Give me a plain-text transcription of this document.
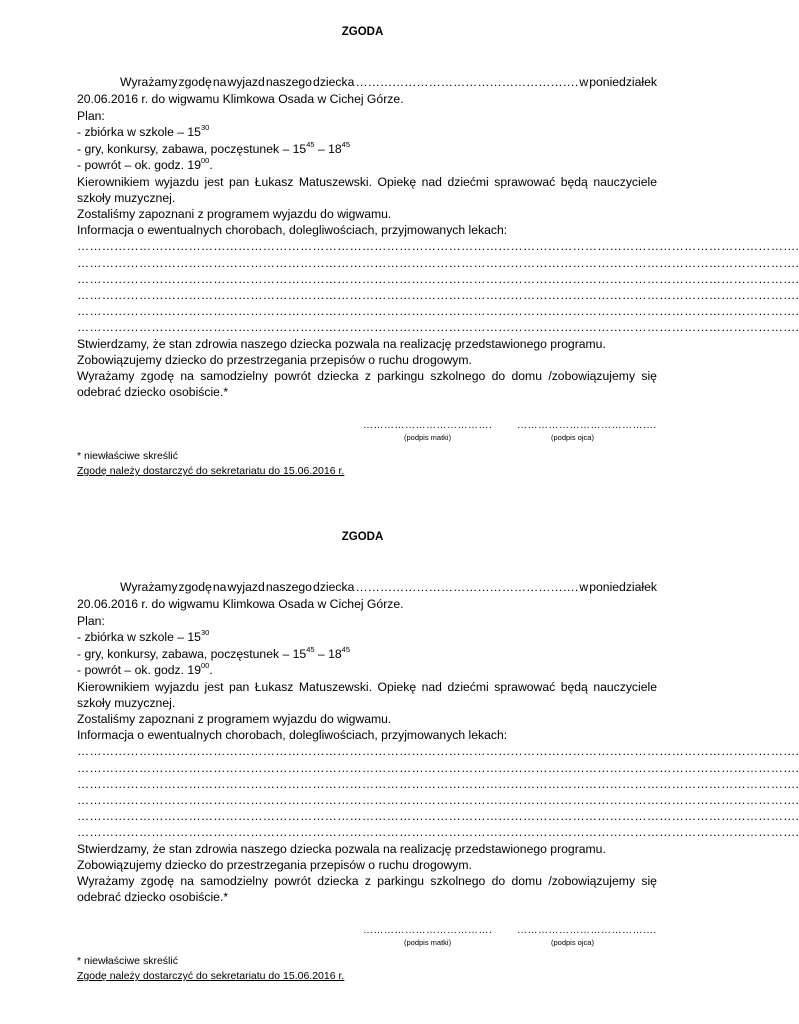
ZGODA
Wyrażamy zgodę na wyjazd naszego dziecka ………………………………………………. w poniedziałek
20.06.2016 r. do wigwamu Klimkowa Osada w Cichej Górze.
Plan:
- zbiórka w szkole – $15^{30}$
- gry, konkursy, zabawa, poczęstunek – $15^{45} - 18^{45}$
- powrót – ok. godz. $19^{00}$.
Kierownikiem wyjazdu jest pan Łukasz Matuszewski. Opiekę nad dziećmi sprawować będą nauczyciele
szkoły muzycznej.
Zostaliśmy zapoznani z programem wyjazdu do wigwamu.
Informacja o ewentualnych chorobach, dolegliwościach, przyjmowanych lekach:
………………………………………………………………………………………………………………………………………………………….
………………………………………………………………………………………………………………………………………………………….
………………………………………………………………………………………………………………………………………………………….
………………………………………………………………………………………………………………………………………………………….
………………………………………………………………………………………………………………………………………………………….
………………………………………………………………………………………………………………………………………………………….
Stwierdzamy, że stan zdrowia naszego dziecka pozwala na realizację przedstawionego programu.
Zobowiązujemy dziecko do przestrzegania przepisów o ruchu drogowym.
Wyrażamy zgodę na samodzielny powrót dziecka z parkingu szkolnego do domu /zobowiązujemy się
odebrać dziecko osobiście.*
……………………………….
(podpis matki)
………………………………….
(podpis ojca)
* niewłaściwe skreślić
Zgodę należy dostarczyć do sekretariatu do 15.06.2016 r.
ZGODA
Wyrażamy zgodę na wyjazd naszego dziecka ………………………………………………. w poniedziałek
20.06.2016 r. do wigwamu Klimkowa Osada w Cichej Górze.
Plan:
- zbiórka w szkole – $15^{30}$
- gry, konkursy, zabawa, poczęstunek – $15^{45} - 18^{45}$
- powrót – ok. godz. $19^{00}$.
Kierownikiem wyjazdu jest pan Łukasz Matuszewski. Opiekę nad dziećmi sprawować będą nauczyciele
szkoły muzycznej.
Zostaliśmy zapoznani z programem wyjazdu do wigwamu.
Informacja o ewentualnych chorobach, dolegliwościach, przyjmowanych lekach:
………………………………………………………………………………………………………………………………………………………….
………………………………………………………………………………………………………………………………………………………….
………………………………………………………………………………………………………………………………………………………….
………………………………………………………………………………………………………………………………………………………….
………………………………………………………………………………………………………………………………………………………….
………………………………………………………………………………………………………………………………………………………….
Stwierdzamy, że stan zdrowia naszego dziecka pozwala na realizację przedstawionego programu.
Zobowiązujemy dziecko do przestrzegania przepisów o ruchu drogowym.
Wyrażamy zgodę na samodzielny powrót dziecka z parkingu szkolnego do domu /zobowiązujemy się
odebrać dziecko osobiście.*
……………………………….
(podpis matki)
………………………………….
(podpis ojca)
* niewłaściwe skreślić
Zgodę należy dostarczyć do sekretariatu do 15.06.2016 r.
